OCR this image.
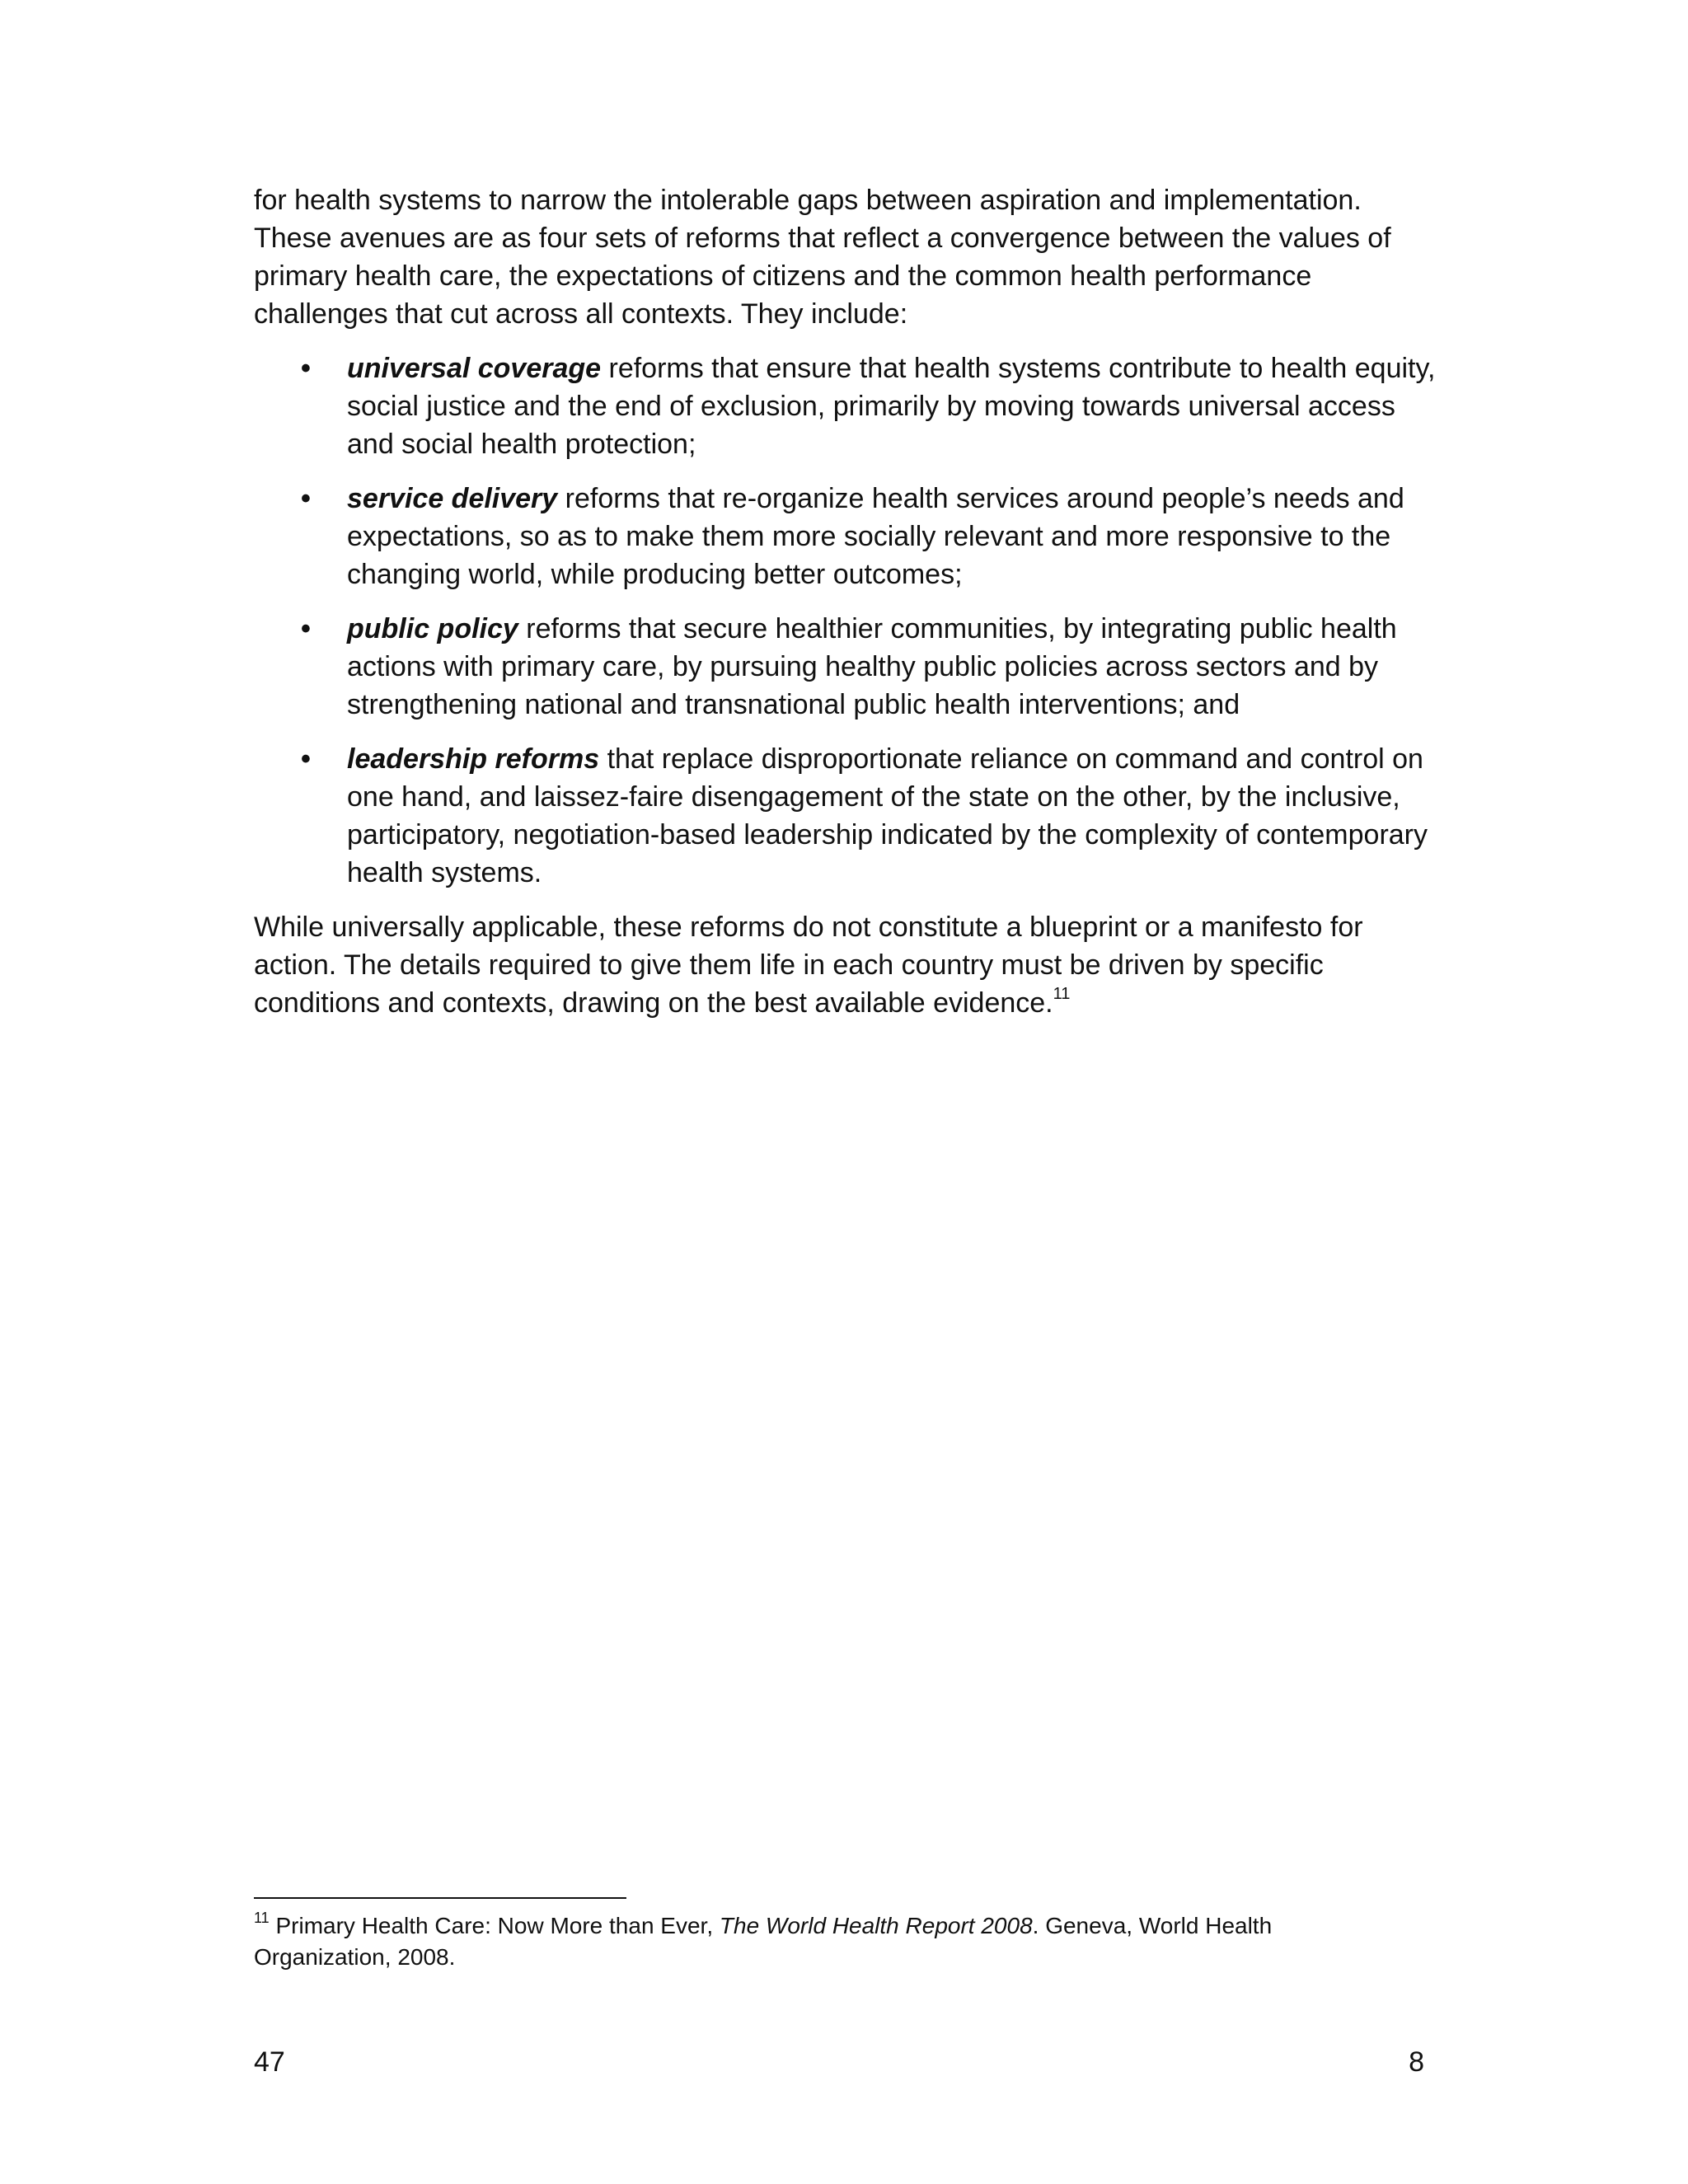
for health systems to narrow the intolerable gaps between aspiration and implementation. These avenues are as four sets of reforms that reflect a convergence between the values of primary health care, the expectations of citizens and the common health performance challenges that cut across all contexts. They include:

• universal coverage reforms that ensure that health systems contribute to health equity, social justice and the end of exclusion, primarily by moving towards universal access and social health protection;
• service delivery reforms that re-organize health services around people’s needs and expectations, so as to make them more socially relevant and more responsive to the changing world, while producing better outcomes;
• public policy reforms that secure healthier communities, by integrating public health actions with primary care, by pursuing healthy public policies across sectors and by strengthening national and transnational public health interventions; and
• leadership reforms that replace disproportionate reliance on command and control on one hand, and laissez-faire disengagement of the state on the other, by the inclusive, participatory, negotiation-based leadership indicated by the complexity of contemporary health systems.

While universally applicable, these reforms do not constitute a blueprint or a manifesto for action. The details required to give them life in each country must be driven by specific conditions and contexts, drawing on the best available evidence.$^{11}$

$^{11}$ Primary Health Care: Now More than Ever, The World Health Report 2008. Geneva, World Health Organization, 2008.
47	8
